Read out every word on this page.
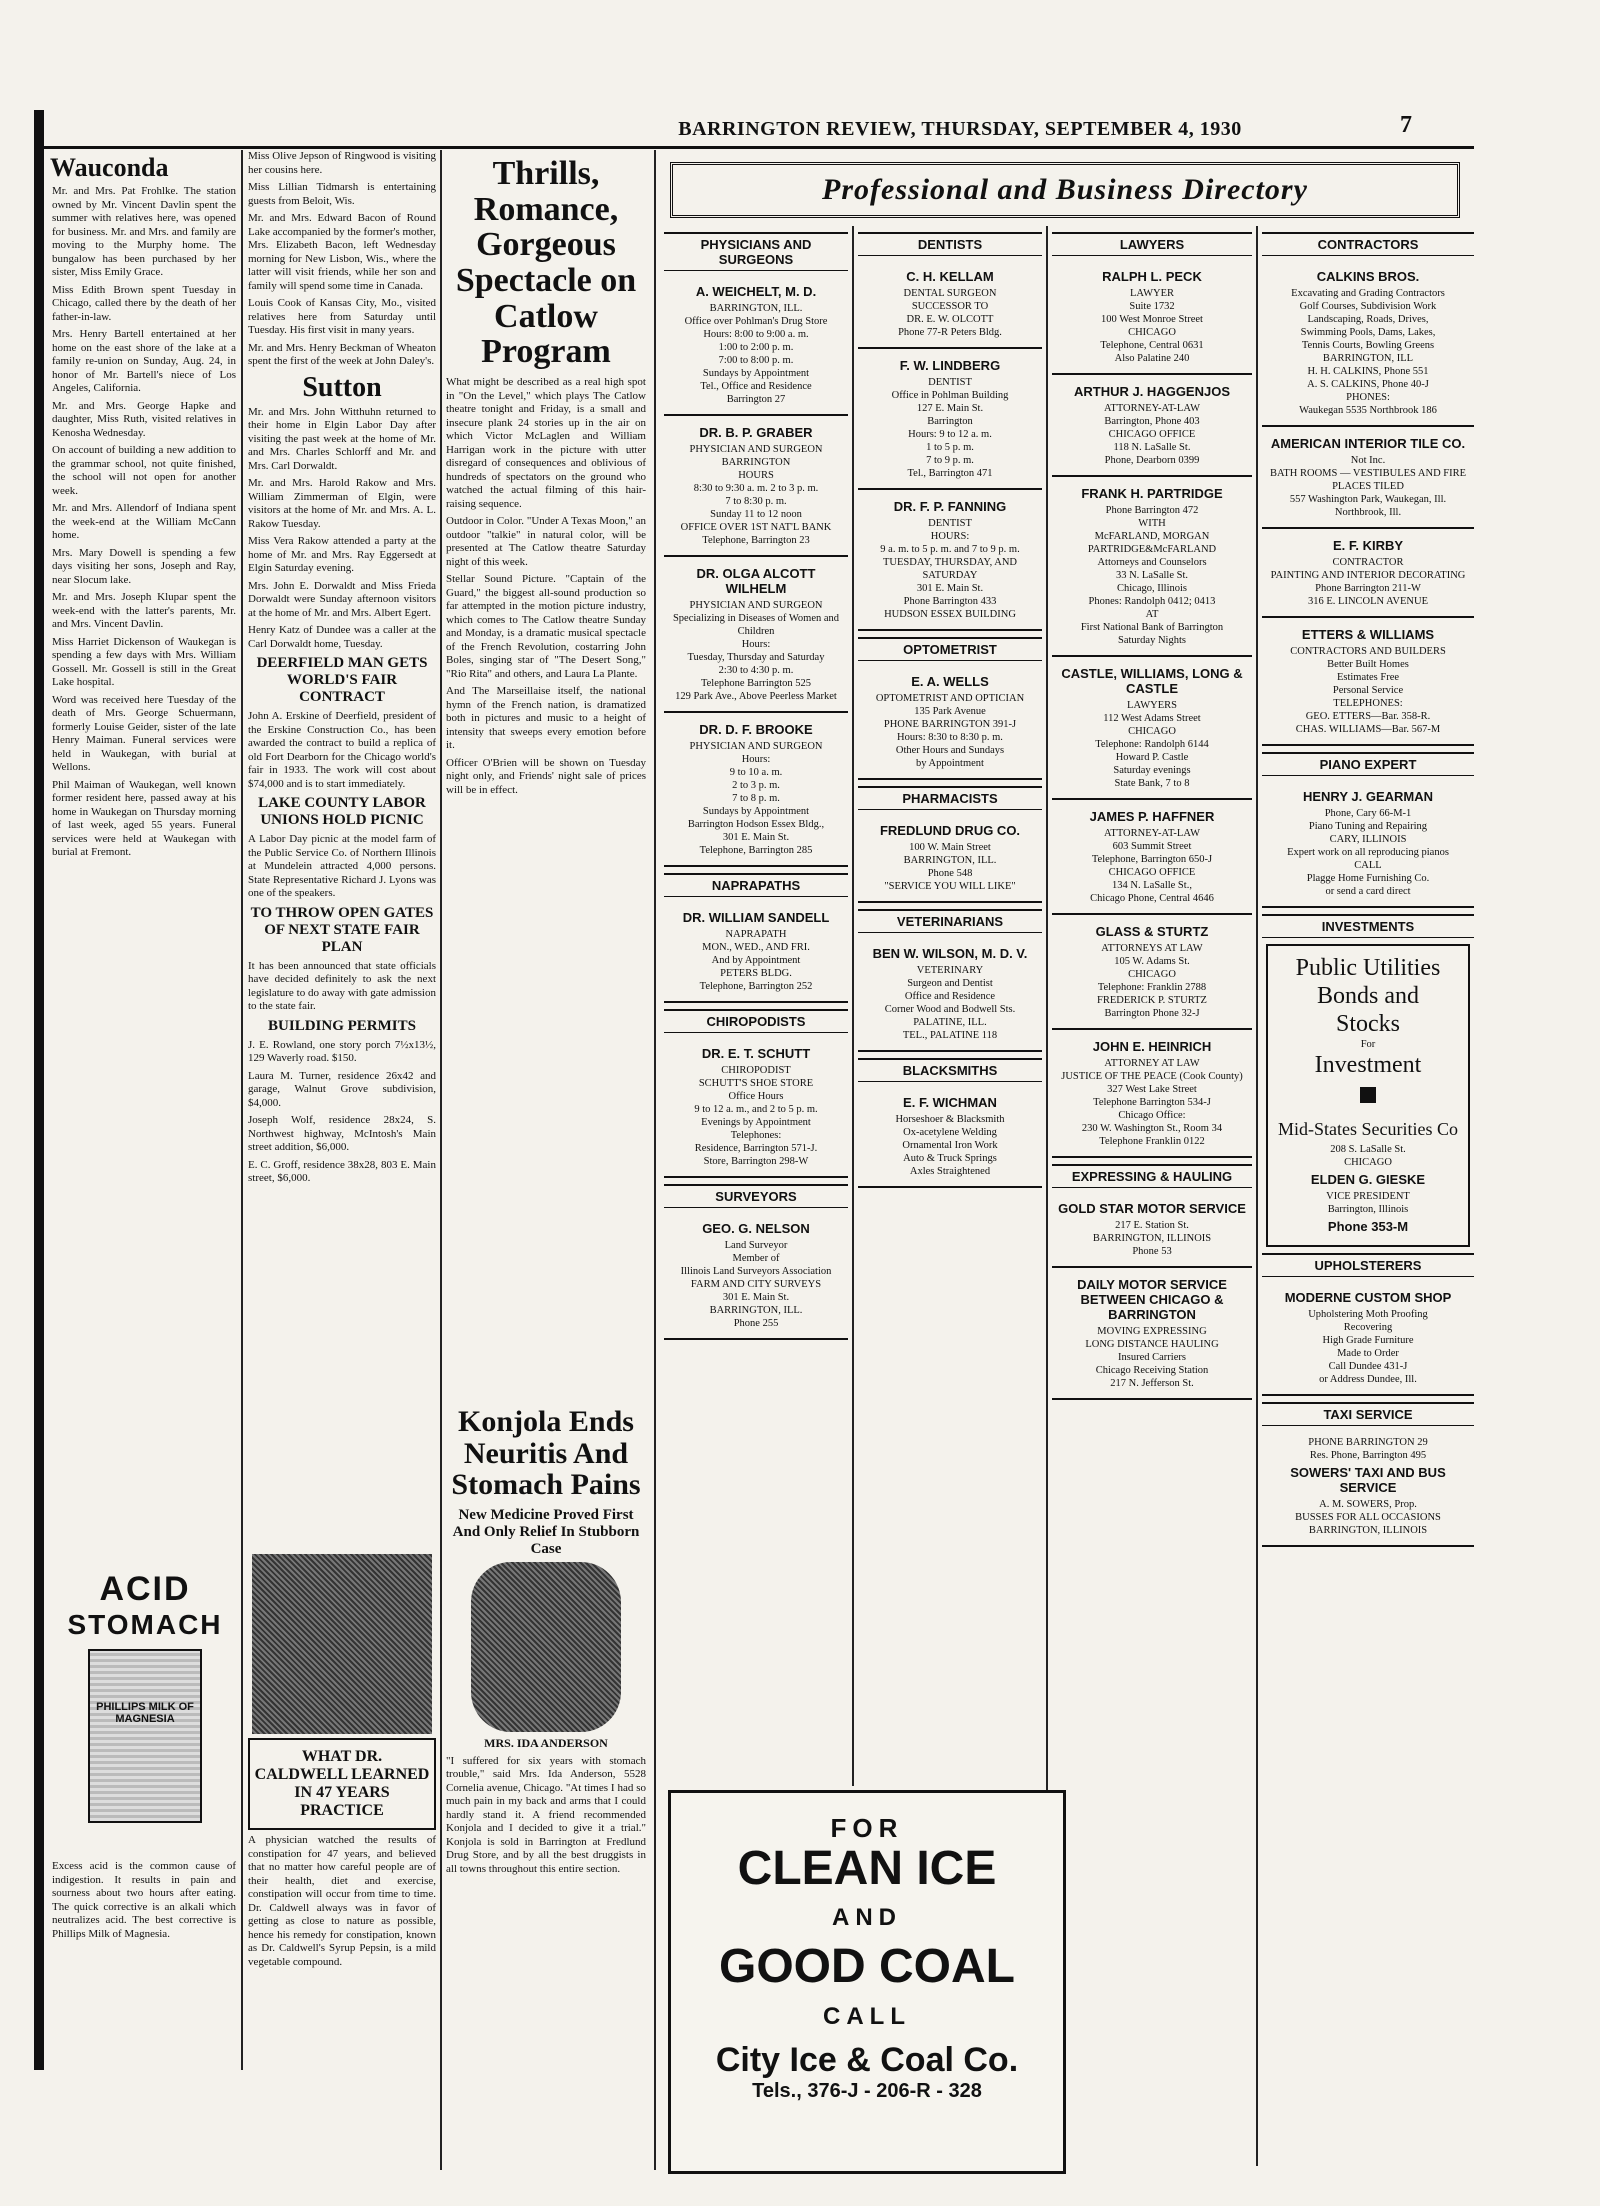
BARRINGTON REVIEW, THURSDAY, SEPTEMBER 4, 1930	7
Wauconda
Mr. and Mrs. Pat Frohlke. The station owned by Mr. Vincent Davlin spent the summer with relatives here, was opened for business. Mr. and Mrs. and family are moving to the Murphy home. The bungalow has been purchased by her sister, Miss Emily Grace.
Miss Edith Brown spent Tuesday in Chicago, called there by the death of her father-in-law.
Mrs. Henry Bartell entertained at her home on the east shore of the lake at a family re-union on Sunday, Aug. 24, in honor of Mr. Bartell's niece of Los Angeles, California.
Mr. and Mrs. George Hapke and daughter, Miss Ruth, visited relatives in Kenosha Wednesday.
On account of building a new addition to the grammar school, not quite finished, the school will not open for another week.
Mr. and Mrs. Allendorf of Indiana spent the week-end at the William McCann home.
Mrs. Mary Dowell is spending a few days visiting her sons, Joseph and Ray, near Slocum lake.
Mr. and Mrs. Joseph Klupar spent the week-end with the latter's parents, Mr. and Mrs. Vincent Davlin.
Miss Harriet Dickenson of Waukegan is spending a few days with Mrs. William Gossell. Mr. Gossell is still in the Great Lake hospital.
Word was received here Tuesday of the death of Mrs. George Schuermann, formerly Louise Geider, sister of the late Henry Maiman. Funeral services were held in Waukegan, with burial at Wellons.
Phil Maiman of Waukegan, well known former resident here, passed away at his home in Waukegan on Thursday morning of last week, aged 55 years. Funeral services were held at Waukegan with burial at Fremont.
ACID
STOMACH
PHILLIPS MILK OF MAGNESIA
Excess acid is the common cause of indigestion. It results in pain and sourness about two hours after eating. The quick corrective is an alkali which neutralizes acid. The best corrective is Phillips Milk of Magnesia.
Miss Olive Jepson of Ringwood is visiting her cousins here.
Miss Lillian Tidmarsh is entertaining guests from Beloit, Wis.
Mr. and Mrs. Edward Bacon of Round Lake accompanied by the former's mother, Mrs. Elizabeth Bacon, left Wednesday morning for New Lisbon, Wis., where the latter will visit friends, while her son and family will spend some time in Canada.
Louis Cook of Kansas City, Mo., visited relatives here from Saturday until Tuesday. His first visit in many years.
Mr. and Mrs. Henry Beckman of Wheaton spent the first of the week at John Daley's.
Sutton
Mr. and Mrs. John Witthuhn returned to their home in Elgin Labor Day after visiting the past week at the home of Mr. and Mrs. Charles Schlorff and Mr. and Mrs. Carl Dorwaldt.
Mr. and Mrs. Harold Rakow and Mrs. William Zimmerman of Elgin, were visitors at the home of Mr. and Mrs. A. L. Rakow Tuesday.
Miss Vera Rakow attended a party at the home of Mr. and Mrs. Ray Eggersedt at Elgin Saturday evening.
Mrs. John E. Dorwaldt and Miss Frieda Dorwaldt were Sunday afternoon visitors at the home of Mr. and Mrs. Albert Egert.
Henry Katz of Dundee was a caller at the Carl Dorwaldt home, Tuesday.
DEERFIELD MAN GETS WORLD'S FAIR CONTRACT
John A. Erskine of Deerfield, president of the Erskine Construction Co., has been awarded the contract to build a replica of old Fort Dearborn for the Chicago world's fair in 1933. The work will cost about $74,000 and is to start immediately.
LAKE COUNTY LABOR UNIONS HOLD PICNIC
A Labor Day picnic at the model farm of the Public Service Co. of Northern Illinois at Mundelein attracted 4,000 persons. State Representative Richard J. Lyons was one of the speakers.
TO THROW OPEN GATES OF NEXT STATE FAIR PLAN
It has been announced that state officials have decided definitely to ask the next legislature to do away with gate admission to the state fair.
BUILDING PERMITS
J. E. Rowland, one story porch 7½x13½, 129 Waverly road. $150.
Laura M. Turner, residence 26x42 and garage, Walnut Grove subdivision, $4,000.
Joseph Wolf, residence 28x24, S. Northwest highway, McIntosh's Main street addition, $6,000.
E. C. Groff, residence 38x28, 803 E. Main street, $6,000.
WHAT DR. CALDWELL LEARNED IN 47 YEARS PRACTICE
A physician watched the results of constipation for 47 years, and believed that no matter how careful people are of their health, diet and exercise, constipation will occur from time to time. Dr. Caldwell always was in favor of getting as close to nature as possible, hence his remedy for constipation, known as Dr. Caldwell's Syrup Pepsin, is a mild vegetable compound.
Thrills, Romance, Gorgeous Spectacle on Catlow Program
What might be described as a real high spot in "On the Level," which plays The Catlow theatre tonight and Friday, is a small and insecure plank 24 stories up in the air on which Victor McLaglen and William Harrigan work in the picture with utter disregard of consequences and oblivious of hundreds of spectators on the ground who watched the actual filming of this hair-raising sequence.
Outdoor in Color. "Under A Texas Moon," an outdoor "talkie" in natural color, will be presented at The Catlow theatre Saturday night of this week.
Stellar Sound Picture. "Captain of the Guard," the biggest all-sound production so far attempted in the motion picture industry, which comes to The Catlow theatre Sunday and Monday, is a dramatic musical spectacle of the French Revolution, costarring John Boles, singing star of "The Desert Song," "Rio Rita" and others, and Laura La Plante.
And The Marseillaise itself, the national hymn of the French nation, is dramatized both in pictures and music to a height of intensity that sweeps every emotion before it.
Officer O'Brien will be shown on Tuesday night only, and Friends' night sale of prices will be in effect.
Konjola Ends Neuritis And Stomach Pains
New Medicine Proved First And Only Relief In Stubborn Case
MRS. IDA ANDERSON
"I suffered for six years with stomach trouble," said Mrs. Ida Anderson, 5528 Cornelia avenue, Chicago. "At times I had so much pain in my back and arms that I could hardly stand it. A friend recommended Konjola and I decided to give it a trial." Konjola is sold in Barrington at Fredlund Drug Store, and by all the best druggists in all towns throughout this entire section.
Professional and Business Directory
PHYSICIANS AND SURGEONS
A. WEICHELT, M. D.
BARRINGTON, ILL.
Office over Pohlman's Drug Store
Hours: 8:00 to 9:00 a. m.
1:00 to 2:00 p. m.
7:00 to 8:00 p. m.
Sundays by Appointment
Tel., Office and Residence
Barrington 27
DR. B. P. GRABER
PHYSICIAN AND SURGEON
BARRINGTON
HOURS
8:30 to 9:30 a. m. 2 to 3 p. m.
7 to 8:30 p. m.
Sunday 11 to 12 noon
OFFICE OVER 1ST NAT'L BANK
Telephone, Barrington 23
DR. OLGA ALCOTT WILHELM
PHYSICIAN AND SURGEON
Specializing in Diseases of Women and Children
Hours:
Tuesday, Thursday and Saturday
2:30 to 4:30 p. m.
Telephone Barrington 525
129 Park Ave., Above Peerless Market
DR. D. F. BROOKE
PHYSICIAN AND SURGEON
Hours:
9 to 10 a. m.
2 to 3 p. m.
7 to 8 p. m.
Sundays by Appointment
Barrington Hodson Essex Bldg.,
301 E. Main St.
Telephone, Barrington 285
NAPRAPATHS
DR. WILLIAM SANDELL
NAPRAPATH
MON., WED., AND FRI.
And by Appointment
PETERS BLDG.
Telephone, Barrington 252
CHIROPODISTS
DR. E. T. SCHUTT
CHIROPODIST
SCHUTT'S SHOE STORE
Office Hours
9 to 12 a. m., and 2 to 5 p. m.
Evenings by Appointment
Telephones:
Residence, Barrington 571-J.
Store, Barrington 298-W
SURVEYORS
GEO. G. NELSON
Land Surveyor
Member of
Illinois Land Surveyors Association
FARM AND CITY SURVEYS
301 E. Main St.
BARRINGTON, ILL.
Phone 255
DENTISTS
C. H. KELLAM
DENTAL SURGEON
SUCCESSOR TO
DR. E. W. OLCOTT
Phone 77-R Peters Bldg.
F. W. LINDBERG
DENTIST
Office in Pohlman Building
127 E. Main St.
Barrington
Hours: 9 to 12 a. m.
1 to 5 p. m.
7 to 9 p. m.
Tel., Barrington 471
DR. F. P. FANNING
DENTIST
HOURS:
9 a. m. to 5 p. m. and 7 to 9 p. m.
TUESDAY, THURSDAY, AND SATURDAY
301 E. Main St.
Phone Barrington 433
HUDSON ESSEX BUILDING
OPTOMETRIST
E. A. WELLS
OPTOMETRIST AND OPTICIAN
135 Park Avenue
PHONE BARRINGTON 391-J
Hours: 8:30 to 8:30 p. m.
Other Hours and Sundays
by Appointment
PHARMACISTS
FREDLUND DRUG CO.
100 W. Main Street
BARRINGTON, ILL.
Phone 548
"SERVICE YOU WILL LIKE"
VETERINARIANS
BEN W. WILSON, M. D. V.
VETERINARY
Surgeon and Dentist
Office and Residence
Corner Wood and Bodwell Sts.
PALATINE, ILL.
TEL., PALATINE 118
BLACKSMITHS
E. F. WICHMAN
Horseshoer & Blacksmith
Ox-acetylene Welding
Ornamental Iron Work
Auto & Truck Springs
Axles Straightened
LAWYERS
RALPH L. PECK
LAWYER
Suite 1732
100 West Monroe Street
CHICAGO
Telephone, Central 0631
Also Palatine 240
ARTHUR J. HAGGENJOS
ATTORNEY-AT-LAW
Barrington, Phone 403
CHICAGO OFFICE
118 N. LaSalle St.
Phone, Dearborn 0399
FRANK H. PARTRIDGE
Phone Barrington 472
WITH
McFARLAND, MORGAN PARTRIDGE&McFARLAND
Attorneys and Counselors
33 N. LaSalle St.
Chicago, Illinois
Phones: Randolph 0412; 0413
AT
First National Bank of Barrington
Saturday Nights
CASTLE, WILLIAMS, LONG & CASTLE
LAWYERS
112 West Adams Street
CHICAGO
Telephone: Randolph 6144
Howard P. Castle
Saturday evenings
State Bank, 7 to 8
JAMES P. HAFFNER
ATTORNEY-AT-LAW
603 Summit Street
Telephone, Barrington 650-J
CHICAGO OFFICE
134 N. LaSalle St.,
Chicago Phone, Central 4646
GLASS & STURTZ
ATTORNEYS AT LAW
105 W. Adams St.
CHICAGO
Telephone: Franklin 2788
FREDERICK P. STURTZ
Barrington Phone 32-J
JOHN E. HEINRICH
ATTORNEY AT LAW
JUSTICE OF THE PEACE (Cook County)
327 West Lake Street
Telephone Barrington 534-J
Chicago Office:
230 W. Washington St., Room 34
Telephone Franklin 0122
EXPRESSING & HAULING
GOLD STAR MOTOR SERVICE
217 E. Station St.
BARRINGTON, ILLINOIS
Phone 53
DAILY MOTOR SERVICE BETWEEN CHICAGO & BARRINGTON
MOVING EXPRESSING
LONG DISTANCE HAULING
Insured Carriers
Chicago Receiving Station
217 N. Jefferson St.
CONTRACTORS
CALKINS BROS.
Excavating and Grading Contractors
Golf Courses, Subdivision Work
Landscaping, Roads, Drives,
Swimming Pools, Dams, Lakes,
Tennis Courts, Bowling Greens
BARRINGTON, ILL
H. H. CALKINS, Phone 551
A. S. CALKINS, Phone 40-J
PHONES:
Waukegan 5535 Northbrook 186
AMERICAN INTERIOR TILE CO.
Not Inc.
BATH ROOMS — VESTIBULES AND FIRE PLACES TILED
557 Washington Park, Waukegan, Ill.
Northbrook, Ill.
E. F. KIRBY
CONTRACTOR
PAINTING AND INTERIOR DECORATING
Phone Barrington 211-W
316 E. LINCOLN AVENUE
ETTERS & WILLIAMS
CONTRACTORS AND BUILDERS
Better Built Homes
Estimates Free
Personal Service
TELEPHONES:
GEO. ETTERS—Bar. 358-R.
CHAS. WILLIAMS—Bar. 567-M
PIANO EXPERT
HENRY J. GEARMAN
Phone, Cary 66-M-1
Piano Tuning and Repairing
CARY, ILLINOIS
Expert work on all reproducing pianos
CALL
Plagge Home Furnishing Co.
or send a card direct
INVESTMENTS
Public Utilities
Bonds and
Stocks
For
Investment
Mid-States Securities Co
208 S. LaSalle St.
CHICAGO
ELDEN G. GIESKE
VICE PRESIDENT
Barrington, Illinois
Phone 353-M
UPHOLSTERERS
MODERNE CUSTOM SHOP
Upholstering Moth Proofing
Recovering
High Grade Furniture
Made to Order
Call Dundee 431-J
or Address Dundee, Ill.
TAXI SERVICE
PHONE BARRINGTON 29
Res. Phone, Barrington 495
SOWERS' TAXI AND BUS SERVICE
A. M. SOWERS, Prop.
BUSSES FOR ALL OCCASIONS
BARRINGTON, ILLINOIS
FOR
CLEAN ICE
AND
GOOD COAL
CALL
City Ice & Coal Co.
Tels., 376-J - 206-R - 328
